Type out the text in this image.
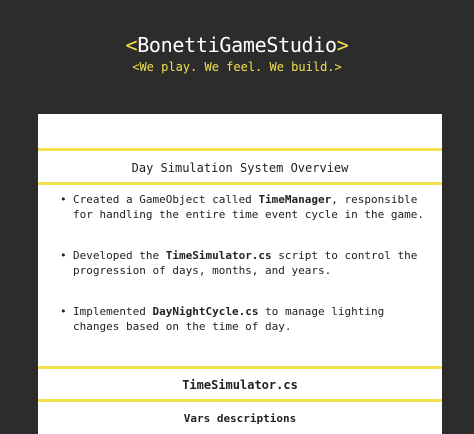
<BonettiGameStudio>
<We play. We feel. We build.>
Day Simulation System Overview
• Created a GameObject called TimeManager, responsible for handling the entire time event cycle in the game.
• Developed the TimeSimulator.cs script to control the progression of days, months, and years.
• Implemented DayNightCycle.cs to manage lighting changes based on the time of day.
TimeSimulator.cs
Vars descriptions
